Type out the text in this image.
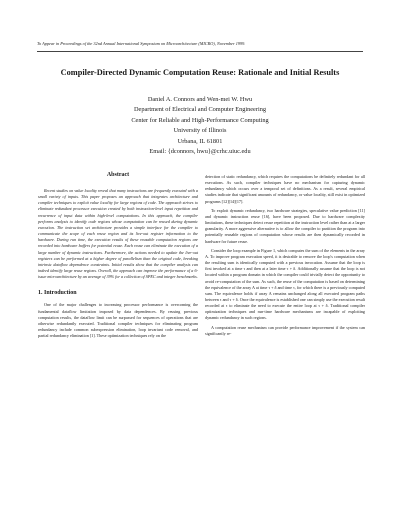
To Appear in Proceedings of the 32nd Annual International Symposium on Microarchitecture (MICRO), November 1999.
Compiler-Directed Dynamic Computation Reuse: Rationale and Initial Results
Daniel A. Connors and Wen-mei W. Hwu
Department of Electrical and Computer Engineering
Center for Reliable and High-Performance Computing
University of Illinois
Urbana, IL 61801
Email: {dconnors, hwu}@crhc.uiuc.edu
Abstract

Recent studies on value locality reveal that many instructions are frequently executed with a small variety of inputs. This paper proposes an approach that integrates architecture and compiler techniques to exploit value locality for large regions of code. The approach strives to eliminate redundant processor execution created by both instruction-level input repetition and recurrence of input data within high-level computations. In this approach, the compiler performs analysis to identify code regions whose computation can be reused during dynamic execution. The instruction set architecture provides a simple interface for the compiler to communicate the scope of each reuse region and its live-out register information to the hardware. During run time, the execution results of these reusable computation regions are recorded into hardware buffers for potential reuse. Each reuse can eliminate the execution of a large number of dynamic instructions. Furthermore, the actions needed to update the live-out registers can be performed at a higher degree of parallelism than the original code, breaking intrinsic dataflow dependence constraints. Initial results show that the compiler analysis can indeed identify large reuse regions. Overall, the approach can improve the performance of a 6-issue microarchitecture by an average of 39% for a collection of SPEC and integer benchmarks.

1. Introduction

One of the major challenges to increasing processor performance is overcoming the fundamental dataflow limitation imposed by data dependences. By reusing previous computation results, the dataflow limit can be surpassed for sequences of operations that are otherwise redundantly executed. Traditional compiler techniques for eliminating program redundancy include common subexpression elimination, loop invariant code removal, and partial redundancy elimination [1]. These optimization techniques rely on the

detection of static redundancy, which requires the computations be definitely redundant for all executions. As such, compiler techniques have no mechanism for capturing dynamic redundancy which occurs over a temporal set of definitions. As a result, several empirical studies indicate that significant amounts of redundancy, or value locality, still exist in optimized programs [12][14][17].

To exploit dynamic redundancy, two hardware strategies, speculative value prediction [11] and dynamic instruction reuse [16], have been proposed. Due to hardware complexity limitations, these techniques detect reuse repetition at the instruction level rather than at a larger granularity. A more aggressive alternative is to allow the compiler to partition the program into potentially reusable regions of computation whose results are then dynamically recorded in hardware for future reuse.

Consider the loop example in Figure 1, which computes the sum of the elements in the array A. To improve program execution speed, it is desirable to remove the loop's computation when the resulting sum is identically computed with a previous invocation. Assume that the loop is first invoked at a time τ and then at a later time τ + δ. Additionally assume that the loop is not located within a program domain in which the compiler could trivially detect the opportunity to avoid re-computation of the sum. As such, the reuse of the computation is based on determining the equivalence of the array A at time τ + δ and time τ, for which there is a previously computed sum. The equivalence holds if array A remains unchanged along all executed program paths between τ and τ + δ. Once the equivalence is established one can simply use the execution result recorded at τ to eliminate the need to execute the entire loop at τ + δ. Traditional compiler optimization techniques and run-time hardware mechanisms are incapable of exploiting dynamic redundancy in such regions.

A computation reuse mechanism can provide performance improvement if the system can significantly re-
